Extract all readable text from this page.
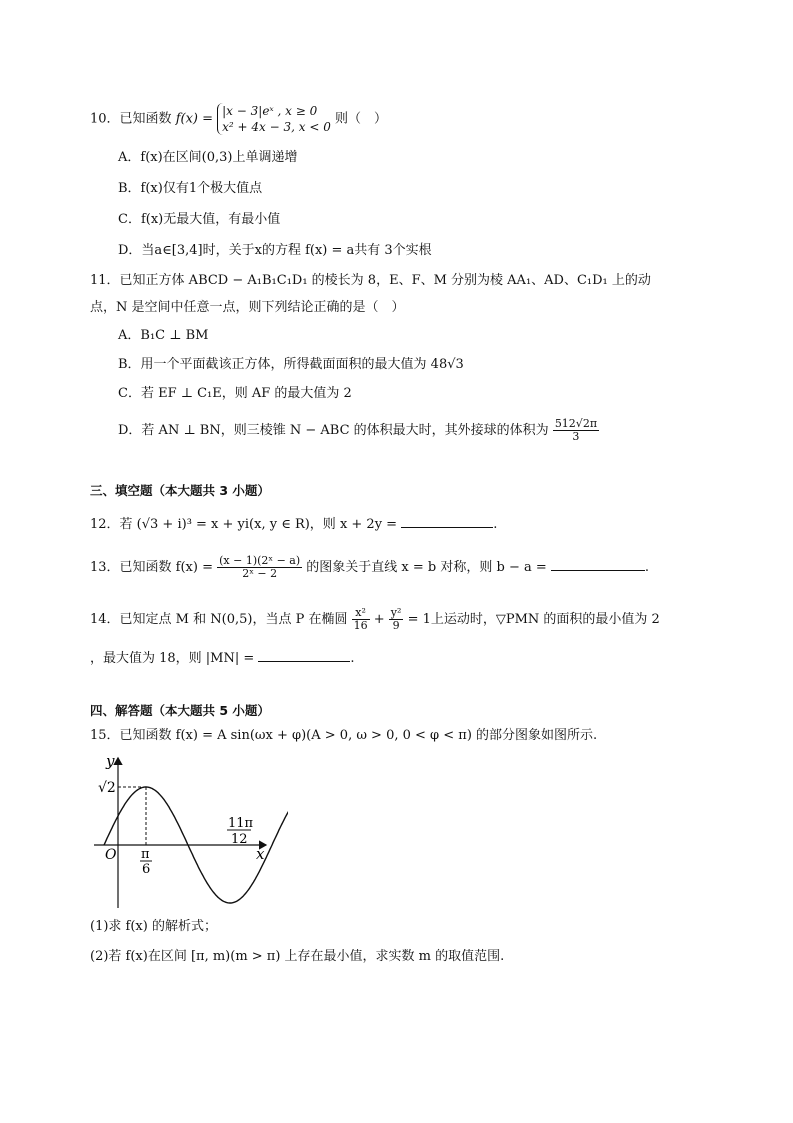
10．已知函数 f(x) =
|x − 3|eˣ , x ≥ 0
x² + 4x − 3, x < 0
则（　）
A．f(x)在区间(0,3)上单调递增
B．f(x)仅有1个极大值点
C．f(x)无最大值，有最小值
D．当a∈[3,4]时，关于x的方程 f(x) = a共有 3个实根
11．已知正方体 ABCD − A₁B₁C₁D₁ 的棱长为 8，E、F、M 分别为棱 AA₁、AD、C₁D₁ 上的动
点，N 是空间中任意一点，则下列结论正确的是（　）
A．B₁C ⊥ BM
B．用一个平面截该正方体，所得截面面积的最大值为 48√3
C．若 EF ⊥ C₁E，则 AF 的最大值为 2
D．若 AN ⊥ BN，则三棱锥 N − ABC 的体积最大时，其外接球的体积为 $\frac{512√2\pi}{3}$
三、填空题（本大题共 3 小题）
12．若 (√3 + i)³ = x + yi(x, y ∈ R)，则 x + 2y =	.
13．已知函数 $f(x) = \frac{\text{(x − 1)(2ˣ − a)}}{\text{2ˣ − 2}}$ 的图象关于直线 x = b 对称，则 b − a =	.
14．已知定点 M 和 N(0,5)，当点 P 在椭圆 $\frac{\text{x²}}{16} + \frac{\text{y²}}{9} = 1$上运动时，▽PMN 的面积的最小值为 2
，最大值为 18，则 |MN| =	.
四、解答题（本大题共 5 小题）
15．已知函数 f(x) = A sin(ωx + φ)(A > 0, ω > 0, 0 < φ < π) 的部分图象如图所示.
y
x
O
√2
π
6
11π
12
(1)求 f(x) 的解析式；
(2)若 f(x)在区间 [π, m)(m > π) 上存在最小值，求实数 m 的取值范围.
